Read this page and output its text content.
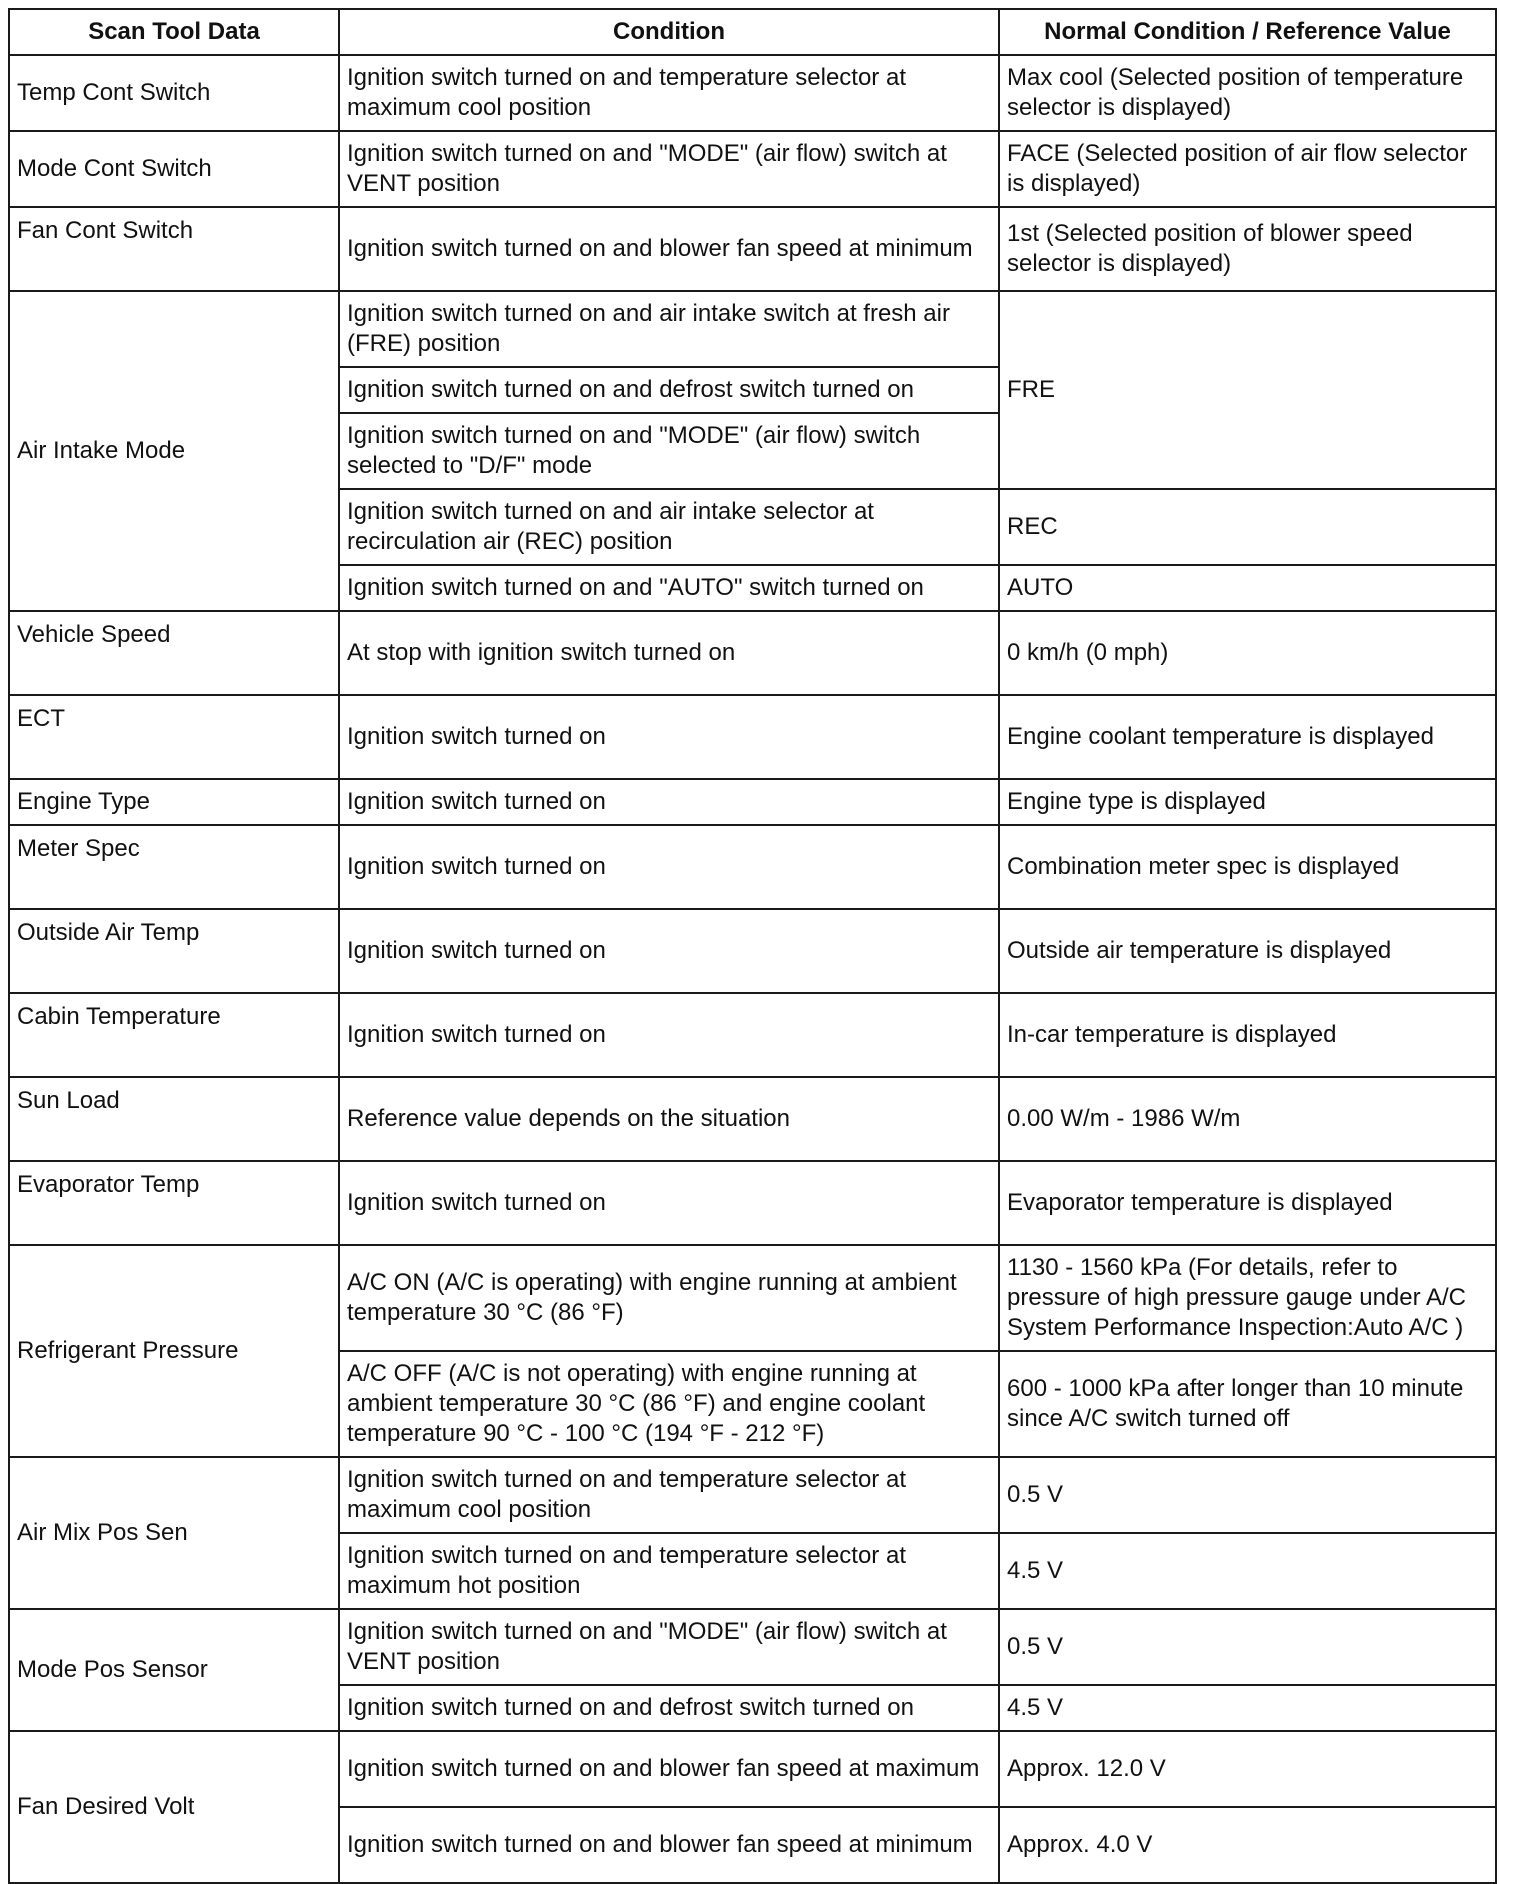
Scan Tool Data	Condition	Normal Condition / Reference Value
Temp Cont Switch	Ignition switch turned on and temperature selector at maximum cool position	Max cool (Selected position of temperature selector is displayed)
Mode Cont Switch	Ignition switch turned on and "MODE" (air flow) switch at VENT position	FACE (Selected position of air flow selector is displayed)
Fan Cont Switch	Ignition switch turned on and blower fan speed at minimum	1st (Selected position of blower speed selector is displayed)
Air Intake Mode	Ignition switch turned on and air intake switch at fresh air (FRE) position	FRE
	Ignition switch turned on and defrost switch turned on	
	Ignition switch turned on and "MODE" (air flow) switch selected to "D/F" mode	
	Ignition switch turned on and air intake selector at recirculation air (REC) position	REC
	Ignition switch turned on and "AUTO" switch turned on	AUTO
Vehicle Speed	At stop with ignition switch turned on	0 km/h (0 mph)
ECT	Ignition switch turned on	Engine coolant temperature is displayed
Engine Type	Ignition switch turned on	Engine type is displayed
Meter Spec	Ignition switch turned on	Combination meter spec is displayed
Outside Air Temp	Ignition switch turned on	Outside air temperature is displayed
Cabin Temperature	Ignition switch turned on	In-car temperature is displayed
Sun Load	Reference value depends on the situation	0.00 W/m - 1986 W/m
Evaporator Temp	Ignition switch turned on	Evaporator temperature is displayed
Refrigerant Pressure	A/C ON (A/C is operating) with engine running at ambient temperature 30 °C (86 °F)	1130 - 1560 kPa (For details, refer to pressure of high pressure gauge under A/C System Performance Inspection:Auto A/C )
	A/C OFF (A/C is not operating) with engine running at ambient temperature 30 °C (86 °F) and engine coolant temperature 90 °C - 100 °C (194 °F - 212 °F)	600 - 1000 kPa after longer than 10 minute since A/C switch turned off
Air Mix Pos Sen	Ignition switch turned on and temperature selector at maximum cool position	0.5 V
	Ignition switch turned on and temperature selector at maximum hot position	4.5 V
Mode Pos Sensor	Ignition switch turned on and "MODE" (air flow) switch at VENT position	0.5 V
	Ignition switch turned on and defrost switch turned on	4.5 V
Fan Desired Volt	Ignition switch turned on and blower fan speed at maximum	Approx. 12.0 V
	Ignition switch turned on and blower fan speed at minimum	Approx. 4.0 V
